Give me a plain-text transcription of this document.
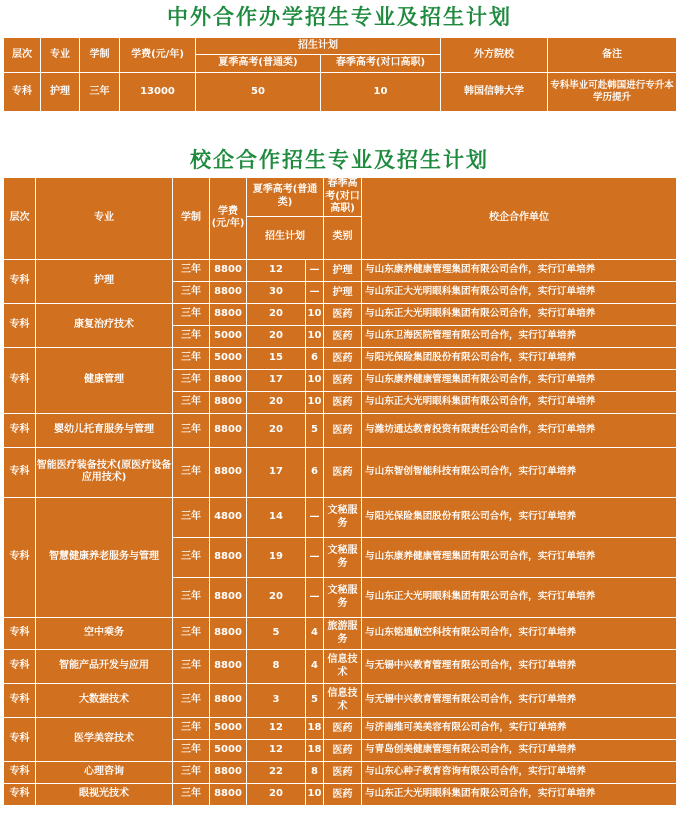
中外合作办学招生专业及招生计划
层次	专业	学制	学费(元/年)	招生计划		外方院校	备注
				夏季高考(普通类)	春季高考(对口高职)		
专科	护理	三年	13000	50	10	韩国信韩大学	专科毕业可赴韩国进行专升本学历提升
校企合作招生专业及招生计划
层次	专业	学制	学费(元/年)	夏季高考(普通类)		春季高考(对口高职)	校企合作单位
				招生计划		类别	
专科	护理	三年	8800	12	—	护理	与山东康养健康管理集团有限公司合作，实行订单培养
		三年	8800	30	—	护理	与山东正大光明眼科集团有限公司合作，实行订单培养
专科	康复治疗技术	三年	8800	20	10	医药	与山东正大光明眼科集团有限公司合作，实行订单培养
		三年	5000	20	10	医药	与山东卫海医院管理有限公司合作，实行订单培养
专科	健康管理	三年	5000	15	6	医药	与阳光保险集团股份有限公司合作，实行订单培养
		三年	8800	17	10	医药	与山东康养健康管理集团有限公司合作，实行订单培养
		三年	8800	20	10	医药	与山东正大光明眼科集团有限公司合作，实行订单培养
专科	婴幼儿托育服务与管理	三年	8800	20	5	医药	与潍坊通达教育投资有限责任公司合作，实行订单培养
专科	智能医疗装备技术(原医疗设备应用技术)	三年	8800	17	6	医药	与山东智创智能科技有限公司合作，实行订单培养
专科	智慧健康养老服务与管理	三年	4800	14	—	文秘服务	与阳光保险集团股份有限公司合作，实行订单培养
		三年	8800	19	—	文秘服务	与山东康养健康管理集团有限公司合作，实行订单培养
		三年	8800	20	—	文秘服务	与山东正大光明眼科集团有限公司合作，实行订单培养
专科	空中乘务	三年	8800	5	4	旅游服务	与山东铭通航空科技有限公司合作，实行订单培养
专科	智能产品开发与应用	三年	8800	8	4	信息技术	与无锡中兴教育管理有限公司合作，实行订单培养
专科	大数据技术	三年	8800	3	5	信息技术	与无锡中兴教育管理有限公司合作，实行订单培养
专科	医学美容技术	三年	5000	12	18	医药	与济南维可美美容有限公司合作，实行订单培养
		三年	5000	12	18	医药	与青岛创美健康管理有限公司合作，实行订单培养
专科	心理咨询	三年	8800	22	8	医药	与山东心种子教育咨询有限公司合作，实行订单培养
专科	眼视光技术	三年	8800	20	10	医药	与山东正大光明眼科集团有限公司合作，实行订单培养
